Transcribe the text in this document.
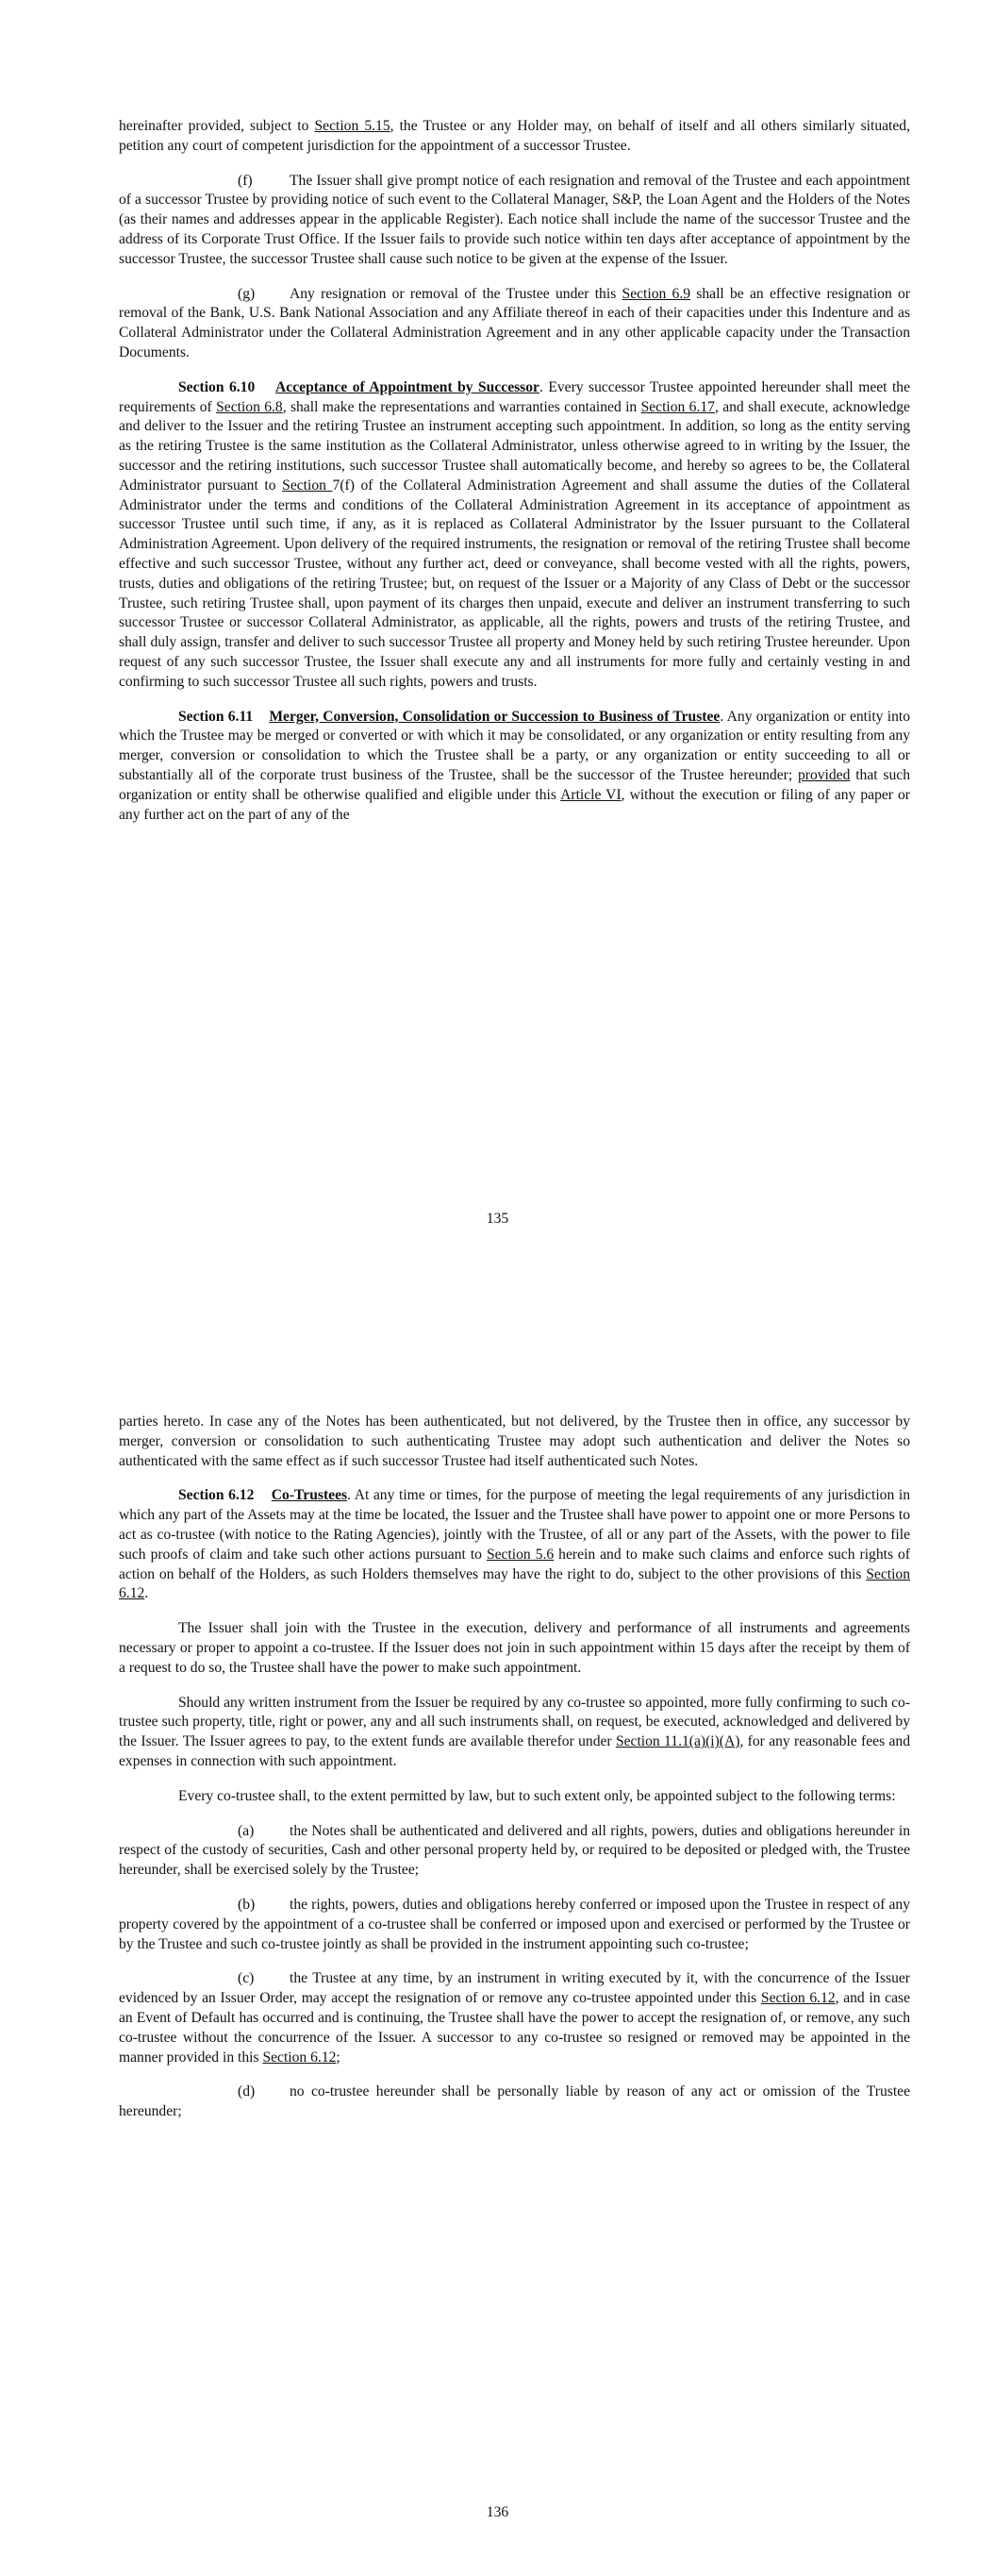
hereinafter provided, subject to Section 5.15, the Trustee or any Holder may, on behalf of itself and all others similarly situated, petition any court of competent jurisdiction for the appointment of a successor Trustee.

(f)	The Issuer shall give prompt notice of each resignation and removal of the Trustee and each appointment of a successor Trustee by providing notice of such event to the Collateral Manager, S&P, the Loan Agent and the Holders of the Notes (as their names and addresses appear in the applicable Register). Each notice shall include the name of the successor Trustee and the address of its Corporate Trust Office. If the Issuer fails to provide such notice within ten days after acceptance of appointment by the successor Trustee, the successor Trustee shall cause such notice to be given at the expense of the Issuer.

(g) Any resignation or removal of the Trustee under this Section 6.9 shall be an effective resignation or removal of the Bank, U.S. Bank National Association and any Affiliate thereof in each of their capacities under this Indenture and as Collateral Administrator under the Collateral Administration Agreement and in any other applicable capacity under the Transaction Documents.

Section 6.10 Acceptance of Appointment by Successor. Every successor Trustee appointed hereunder shall meet the requirements of Section 6.8, shall make the representations and warranties contained in Section 6.17, and shall execute, acknowledge and deliver to the Issuer and the retiring Trustee an instrument accepting such appointment. In addition, so long as the entity serving as the retiring Trustee is the same institution as the Collateral Administrator, unless otherwise agreed to in writing by the Issuer, the successor and the retiring institutions, such successor Trustee shall automatically become, and hereby so agrees to be, the Collateral Administrator pursuant to Section 7(f) of the Collateral Administration Agreement and shall assume the duties of the Collateral Administrator under the terms and conditions of the Collateral Administration Agreement in its acceptance of appointment as successor Trustee until such time, if any, as it is replaced as Collateral Administrator by the Issuer pursuant to the Collateral Administration Agreement. Upon delivery of the required instruments, the resignation or removal of the retiring Trustee shall become effective and such successor Trustee, without any further act, deed or conveyance, shall become vested with all the rights, powers, trusts, duties and obligations of the retiring Trustee; but, on request of the Issuer or a Majority of any Class of Debt or the successor Trustee, such retiring Trustee shall, upon payment of its charges then unpaid, execute and deliver an instrument transferring to such successor Trustee or successor Collateral Administrator, as applicable, all the rights, powers and trusts of the retiring Trustee, and shall duly assign, transfer and deliver to such successor Trustee all property and Money held by such retiring Trustee hereunder. Upon request of any such successor Trustee, the Issuer shall execute any and all instruments for more fully and certainly vesting in and confirming to such successor Trustee all such rights, powers and trusts.

Section 6.11 Merger, Conversion, Consolidation or Succession to Business of Trustee. Any organization or entity into which the Trustee may be merged or converted or with which it may be consolidated, or any organization or entity resulting from any merger, conversion or consolidation to which the Trustee shall be a party, or any organization or entity succeeding to all or substantially all of the corporate trust business of the Trustee, shall be the successor of the Trustee hereunder; provided that such organization or entity shall be otherwise qualified and eligible under this Article VI, without the execution or filing of any paper or any further act on the part of any of the

135

parties hereto. In case any of the Notes has been authenticated, but not delivered, by the Trustee then in office, any successor by merger, conversion or consolidation to such authenticating Trustee may adopt such authentication and deliver the Notes so authenticated with the same effect as if such successor Trustee had itself authenticated such Notes.

Section 6.12 Co-Trustees. At any time or times, for the purpose of meeting the legal requirements of any jurisdiction in which any part of the Assets may at the time be located, the Issuer and the Trustee shall have power to appoint one or more Persons to act as co-trustee (with notice to the Rating Agencies), jointly with the Trustee, of all or any part of the Assets, with the power to file such proofs of claim and take such other actions pursuant to Section 5.6 herein and to make such claims and enforce such rights of action on behalf of the Holders, as such Holders themselves may have the right to do, subject to the other provisions of this Section 6.12.

The Issuer shall join with the Trustee in the execution, delivery and performance of all instruments and agreements necessary or proper to appoint a co-trustee. If the Issuer does not join in such appointment within 15 days after the receipt by them of a request to do so, the Trustee shall have the power to make such appointment.

Should any written instrument from the Issuer be required by any co-trustee so appointed, more fully confirming to such co-trustee such property, title, right or power, any and all such instruments shall, on request, be executed, acknowledged and delivered by the Issuer. The Issuer agrees to pay, to the extent funds are available therefor under Section 11.1(a)(i)(A), for any reasonable fees and expenses in connection with such appointment.

Every co-trustee shall, to the extent permitted by law, but to such extent only, be appointed subject to the following terms:

(a) the Notes shall be authenticated and delivered and all rights, powers, duties and obligations hereunder in respect of the custody of securities, Cash and other personal property held by, or required to be deposited or pledged with, the Trustee hereunder, shall be exercised solely by the Trustee;

(b) the rights, powers, duties and obligations hereby conferred or imposed upon the Trustee in respect of any property covered by the appointment of a co-trustee shall be conferred or imposed upon and exercised or performed by the Trustee or by the Trustee and such co-trustee jointly as shall be provided in the instrument appointing such co-trustee;

(c) the Trustee at any time, by an instrument in writing executed by it, with the concurrence of the Issuer evidenced by an Issuer Order, may accept the resignation of or remove any co-trustee appointed under this Section 6.12, and in case an Event of Default has occurred and is continuing, the Trustee shall have the power to accept the resignation of, or remove, any such co-trustee without the concurrence of the Issuer. A successor to any co-trustee so resigned or removed may be appointed in the manner provided in this Section 6.12;

(d) no co-trustee hereunder shall be personally liable by reason of any act or omission of the Trustee hereunder;

136
